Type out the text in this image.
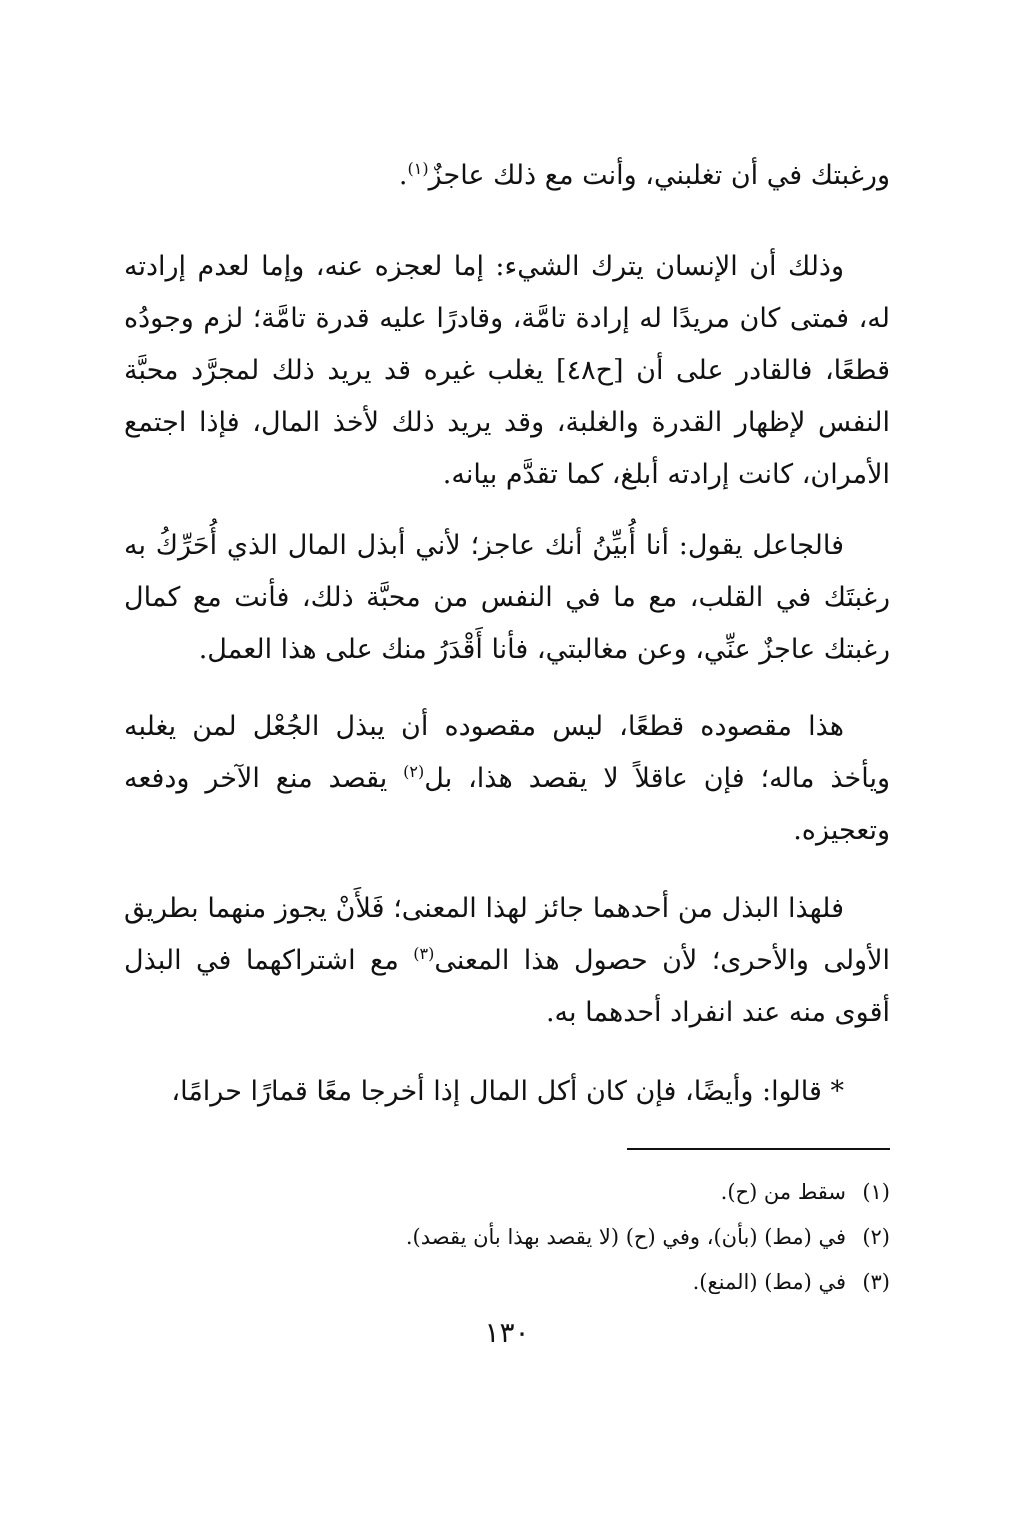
ورغبتك في أن تغلبني، وأنت مع ذلك عاجزٌ$^{(١)}$.

وذلك أن الإنسان يترك الشيء: إما لعجزه عنه، وإما لعدم إرادته له، فمتى كان مريدًا له إرادة تامَّة، وقادرًا عليه قدرة تامَّة؛ لزم وجودُه قطعًا، فالقادر على أن [ح٤٨] يغلب غيره قد يريد ذلك لمجرَّد محبَّة النفس لإظهار القدرة والغلبة، وقد يريد ذلك لأخذ المال، فإذا اجتمع الأمران، كانت إرادته أبلغ، كما تقدَّم بيانه.

فالجاعل يقول: أنا أُبيِّنُ أنك عاجز؛ لأني أبذل المال الذي أُحَرِّكُ به رغبتَك في القلب، مع ما في النفس من محبَّة ذلك، فأنت مع كمال رغبتك عاجزٌ عنِّي، وعن مغالبتي، فأنا أَقْدَرُ منك على هذا العمل.

هذا مقصوده قطعًا، ليس مقصوده أن يبذل الجُعْل لمن يغلبه ويأخذ ماله؛ فإن عاقلاً لا يقصد هذا، بل$^{(٢)}$ يقصد منع الآخر ودفعه وتعجيزه.

فلهذا البذل من أحدهما جائز لهذا المعنى؛ فَلأَنْ يجوز منهما بطريق الأولى والأحرى؛ لأن حصول هذا المعنى$^{(٣)}$ مع اشتراكهما في البذل أقوى منه عند انفراد أحدهما به.

* قالوا: وأيضًا، فإن كان أكل المال إذا أخرجا معًا قمارًا حرامًا،

(١)
سقط من (ح).
(٢)
في (مط) (بأن)، وفي (ح) (لا يقصد بهذا بأن يقصد).
(٣)
في (مط) (المنع).
١٣٠
